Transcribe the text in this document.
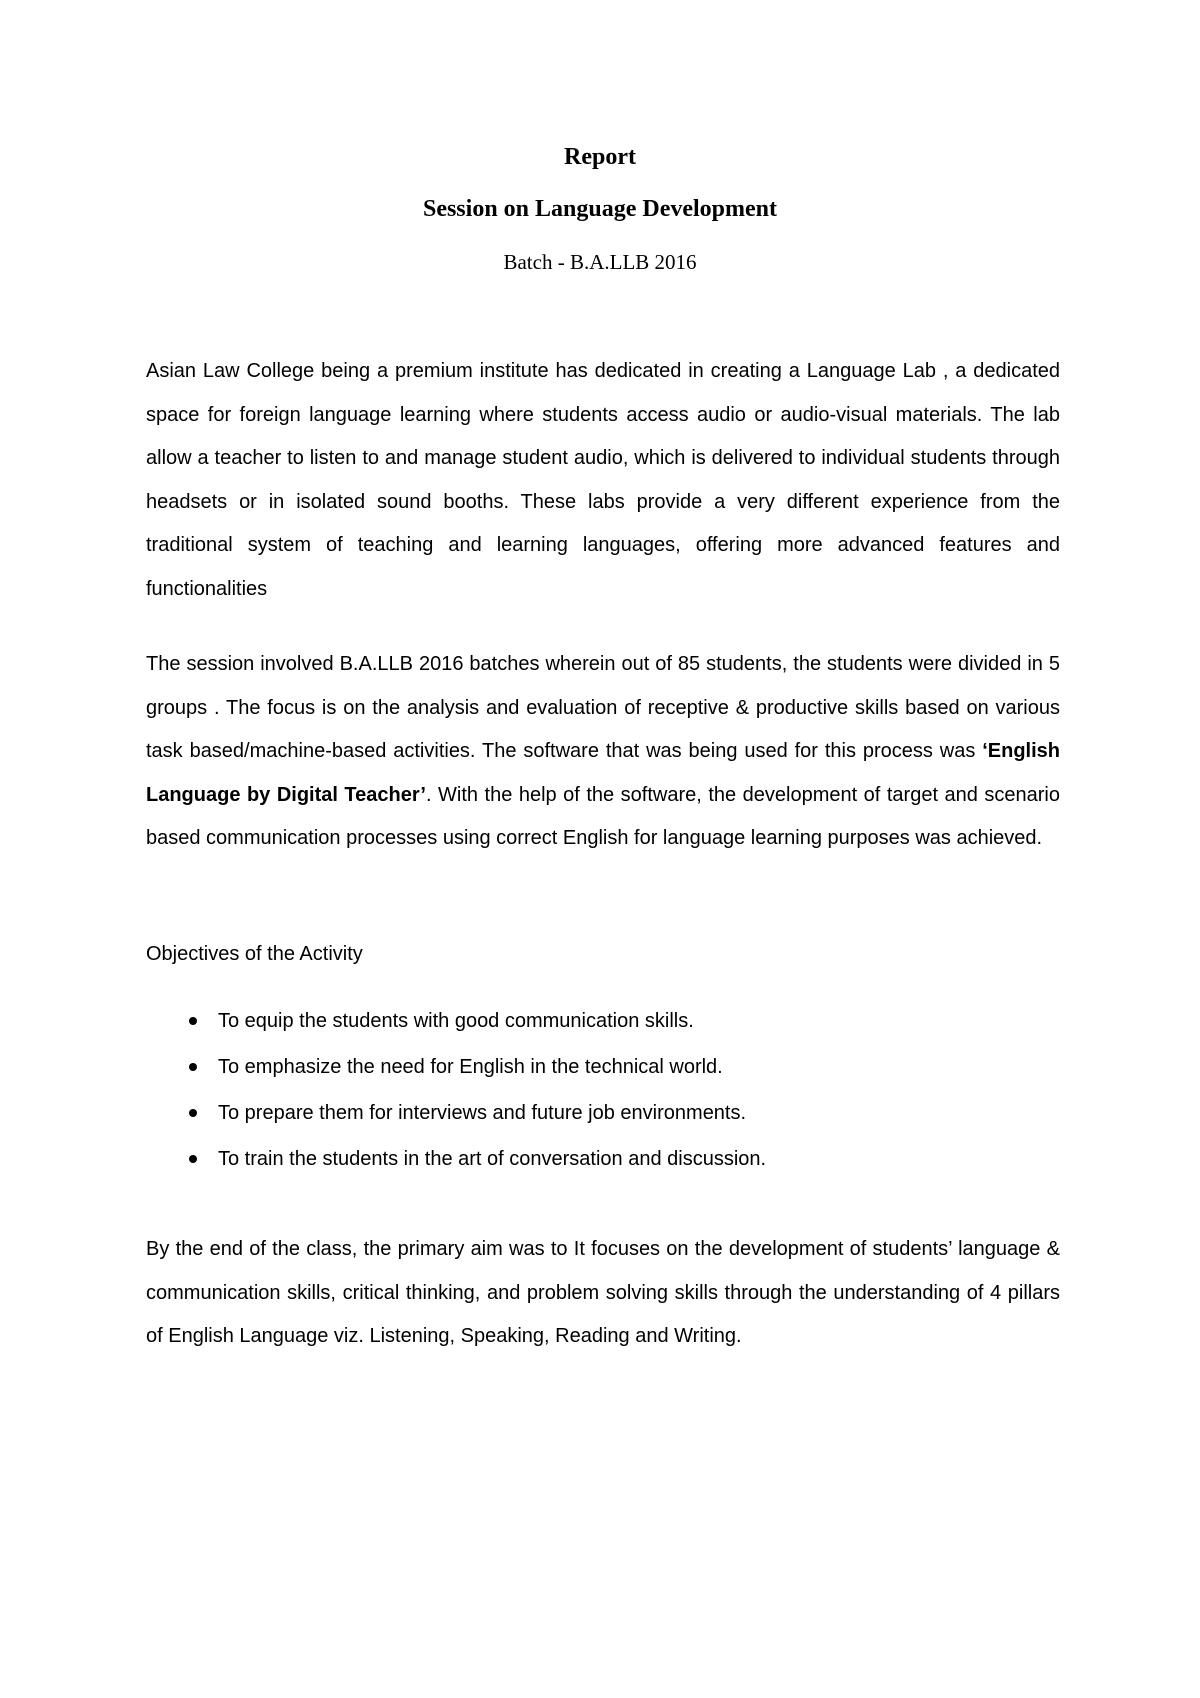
Report
Session on Language Development
Batch - B.A.LLB 2016

Asian Law College being a premium institute has dedicated in creating a Language Lab , a dedicated space for foreign language learning where students access audio or audio-visual materials. The lab allow a teacher to listen to and manage student audio, which is delivered to individual students through headsets or in isolated sound booths. These labs provide a very different experience from the traditional system of teaching and learning languages, offering more advanced features and functionalities

The session involved B.A.LLB 2016 batches wherein out of 85 students, the students were divided in 5 groups . The focus is on the analysis and evaluation of receptive & productive skills based on various task based/machine-based activities. The software that was being used for this process was ‘English Language by Digital Teacher’. With the help of the software, the development of target and scenario based communication processes using correct English for language learning purposes was achieved.

Objectives of the Activity
To equip the students with good communication skills.
To emphasize the need for English in the technical world.
To prepare them for interviews and future job environments.
To train the students in the art of conversation and discussion.

By the end of the class, the primary aim was to It focuses on the development of students’ language & communication skills, critical thinking, and problem solving skills through the understanding of 4 pillars of English Language viz. Listening, Speaking, Reading and Writing.
